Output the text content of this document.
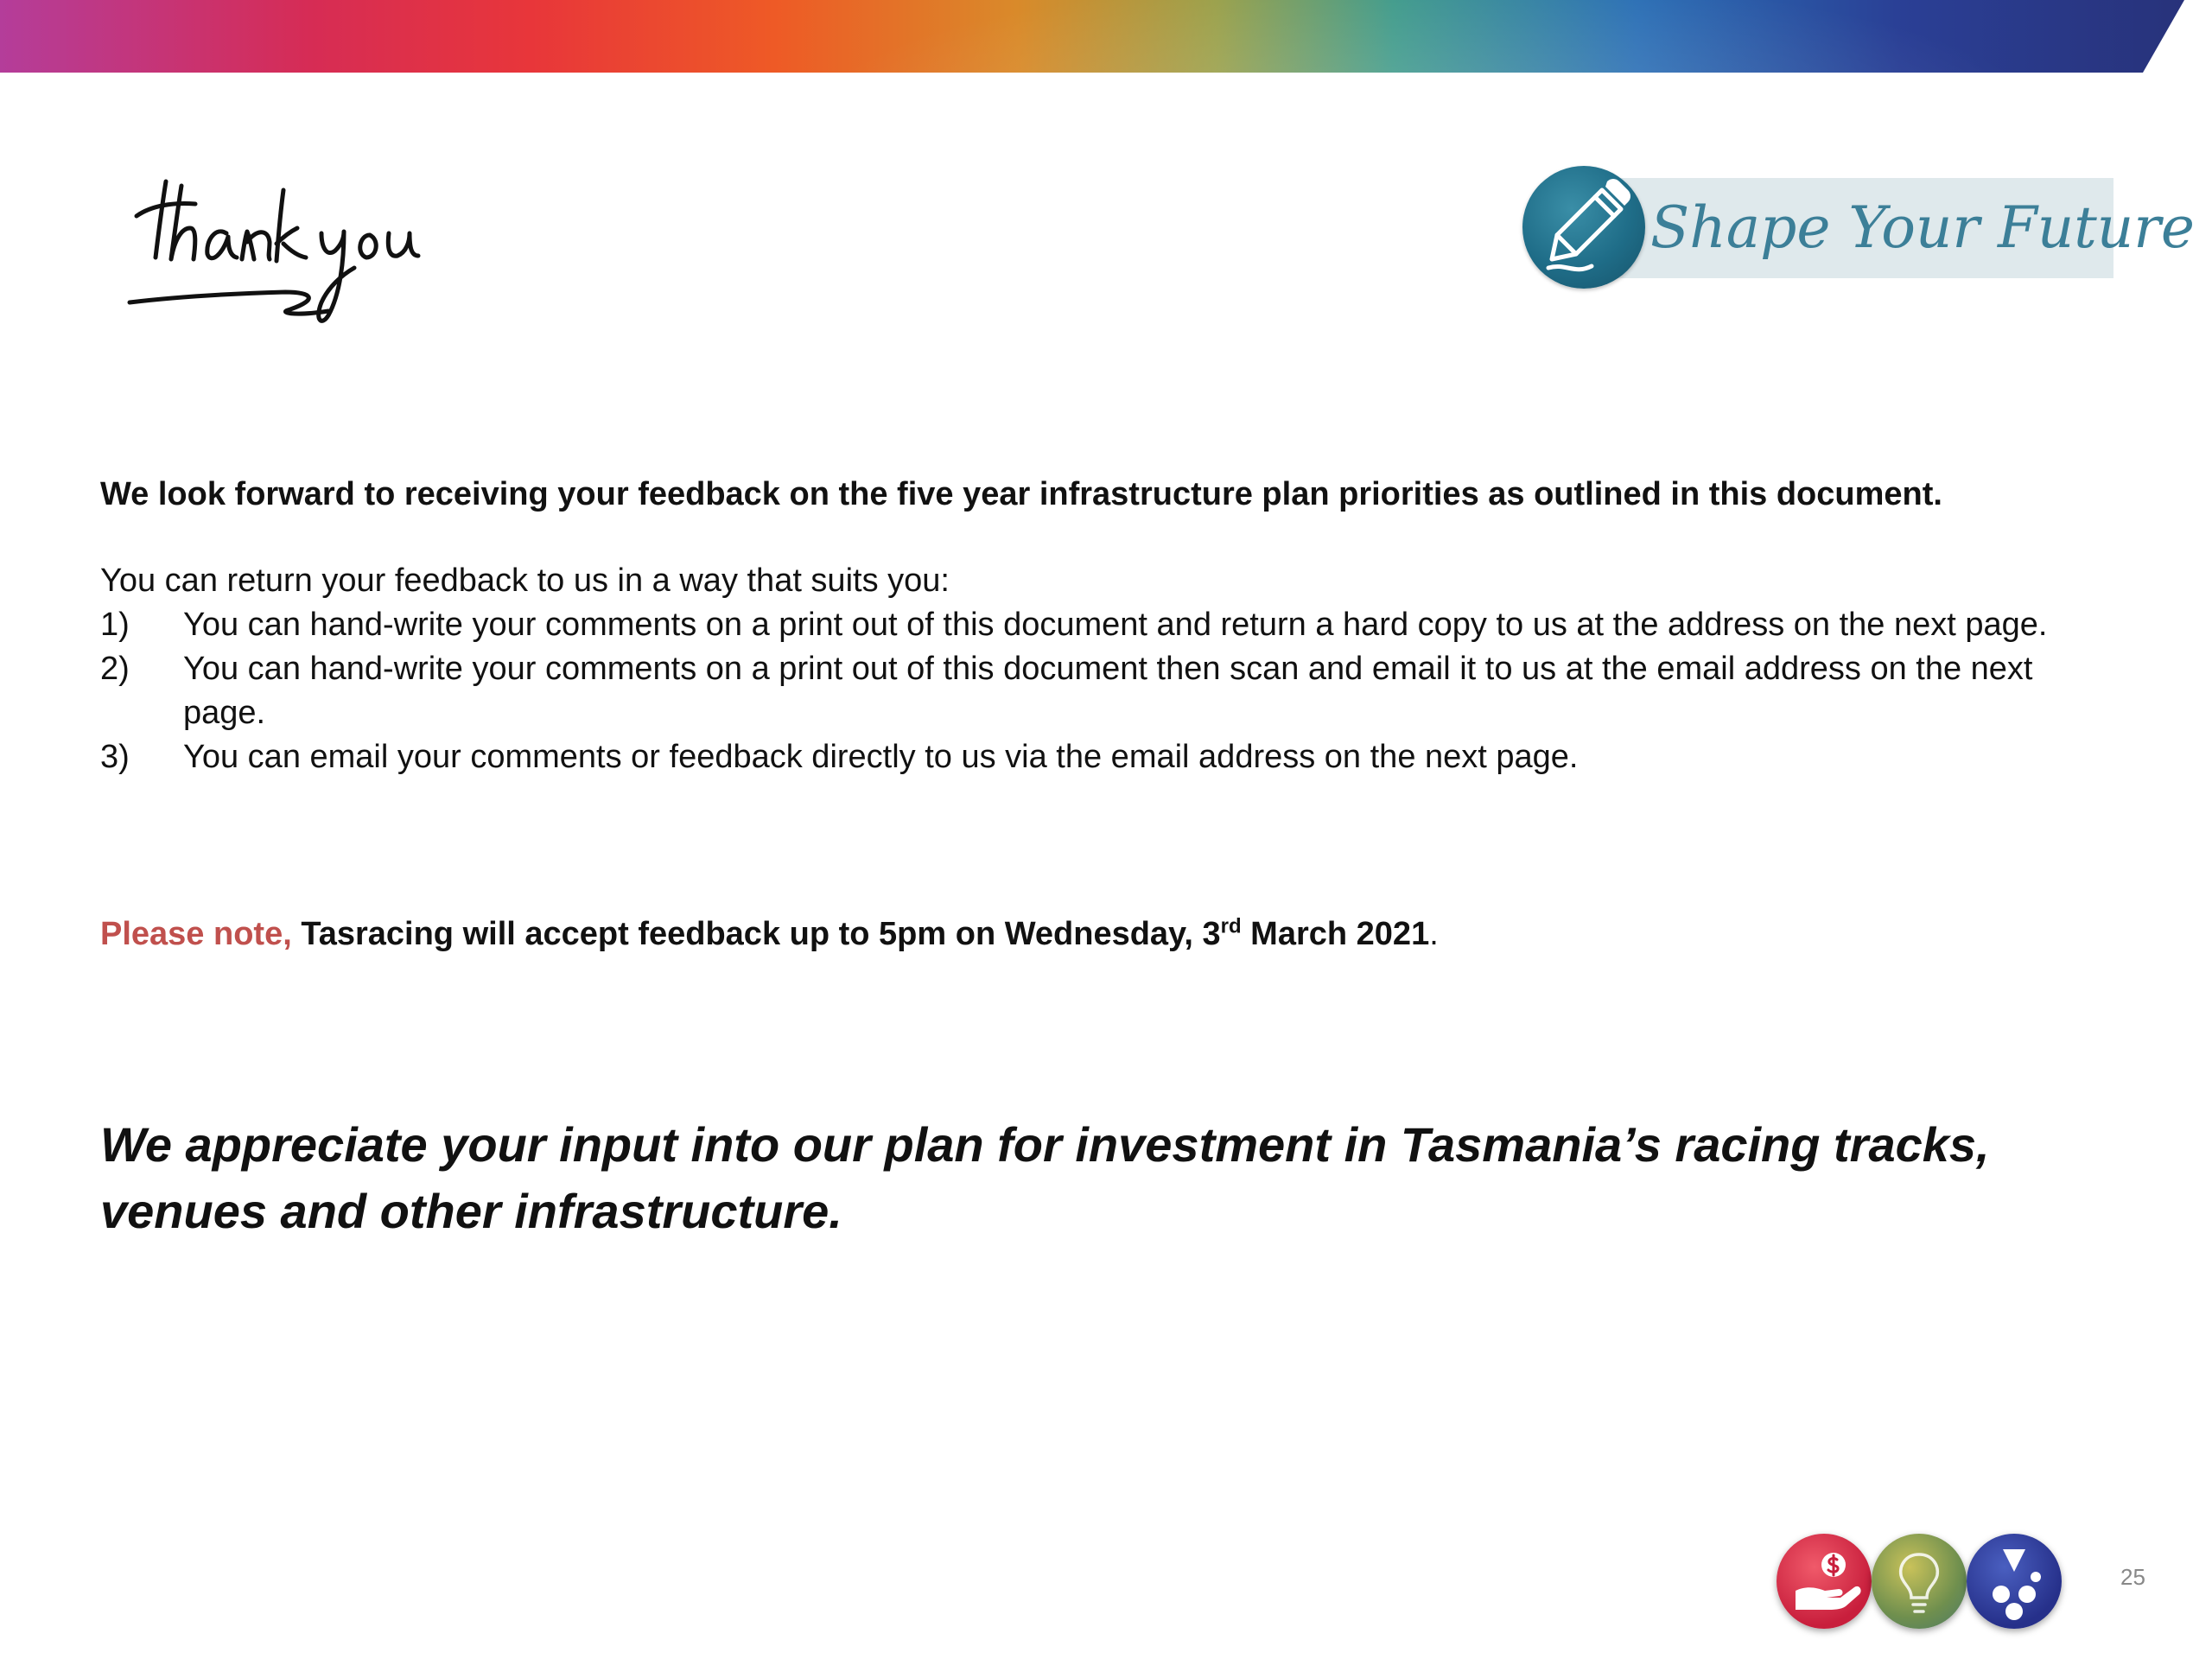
Shape Your Future

We look forward to receiving your feedback on the five year infrastructure plan priorities as outlined in this document.

You can return your feedback to us in a way that suits you:

1) You can hand-write your comments on a print out of this document and return a hard copy to us at the address on the next page.
2) You can hand-write your comments on a print out of this document then scan and email it to us at the email address on the next page.
3) You can email your comments or feedback directly to us via the email address on the next page.

Please note, Tasracing will accept feedback up to 5pm on Wednesday, 3rd March 2021.

We appreciate your input into our plan for investment in Tasmania’s racing tracks, venues and other infrastructure.

25
